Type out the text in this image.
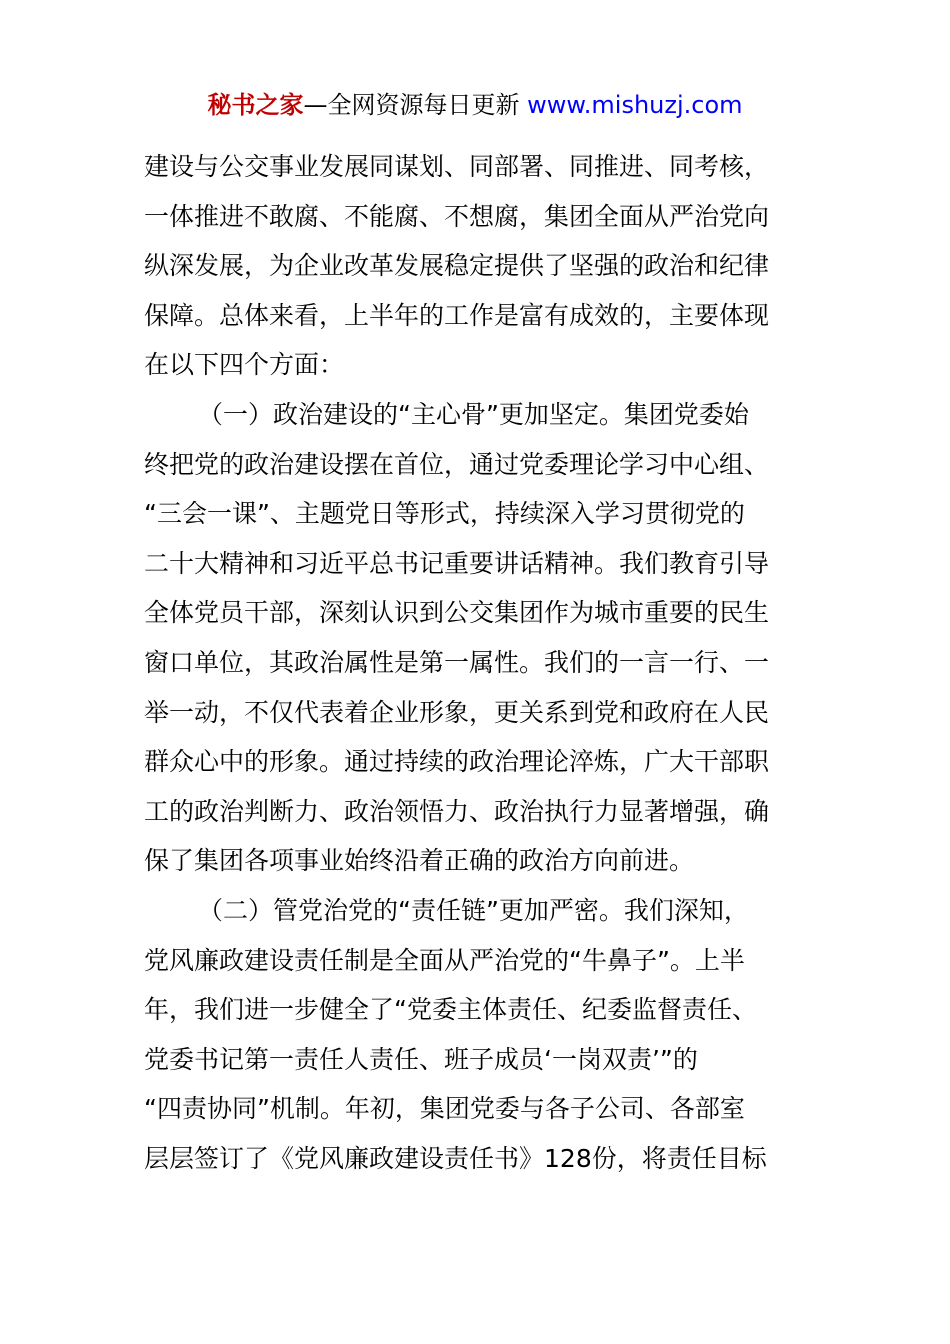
秘书之家—全网资源每日更新 www.mishuzj.com
建设与公交事业发展同谋划、同部署、同推进、同考核，
一体推进不敢腐、不能腐、不想腐，集团全面从严治党向
纵深发展，为企业改革发展稳定提供了坚强的政治和纪律
保障。总体来看，上半年的工作是富有成效的，主要体现
在以下四个方面：
（一）政治建设的“主心骨”更加坚定。集团党委始
终把党的政治建设摆在首位，通过党委理论学习中心组、
“三会一课”、主题党日等形式，持续深入学习贯彻党的
二十大精神和习近平总书记重要讲话精神。我们教育引导
全体党员干部，深刻认识到公交集团作为城市重要的民生
窗口单位，其政治属性是第一属性。我们的一言一行、一
举一动，不仅代表着企业形象，更关系到党和政府在人民
群众心中的形象。通过持续的政治理论淬炼，广大干部职
工的政治判断力、政治领悟力、政治执行力显著增强，确
保了集团各项事业始终沿着正确的政治方向前进。
（二）管党治党的“责任链”更加严密。我们深知，
党风廉政建设责任制是全面从严治党的“牛鼻子”。上半
年，我们进一步健全了“党委主体责任、纪委监督责任、
党委书记第一责任人责任、班子成员‘一岗双责’”的
“四责协同”机制。年初，集团党委与各子公司、各部室
层层签订了《党风廉政建设责任书》128份，将责任目标
